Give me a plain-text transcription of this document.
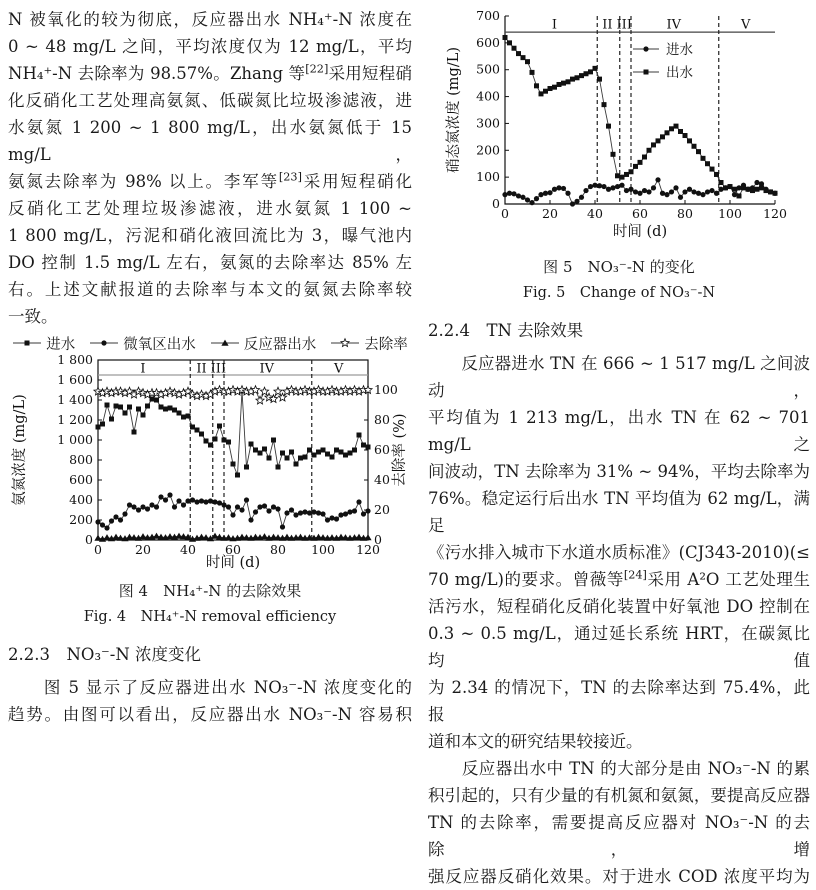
N 被氧化的较为彻底，反应器出水 NH₄⁺-N 浓度在
0 ~ 48 mg/L 之间，平均浓度仅为 12 mg/L，平均
NH₄⁺-N 去除率为 98.57%。Zhang 等[22]采用短程硝
化反硝化工艺处理高氨氮、低碳氮比垃圾渗滤液，进
水氨氮 1 200 ~ 1 800 mg/L，出水氨氮低于 15 mg/L，
氨氮去除率为 98% 以上。李军等[23]采用短程硝化
反硝化工艺处理垃圾渗滤液，进水氨氮 1 100 ~
1 800 mg/L，污泥和硝化液回流比为 3，曝气池内
DO 控制 1.5 mg/L 左右，氨氮的去除率达 85% 左
右。上述文献报道的去除率与本文的氨氮去除率较
一致。
进水	微氧区出水	反应器出水	去除率
I	II III	IV	V
0	20 40 60 80 100 120
0
200
400
600
800
1 000
1 200
1 400
1 600
1 800
0
20
40
60
80
100
时间 (d)
氨氮浓度 (mg/L)	去除率 (%)
图 4　NH₄⁺-N 的去除效果
Fig. 4　NH₄⁺-N removal efficiency
2.2.3　NO₃⁻-N 浓度变化
　　图 5 显示了反应器进出水 NO₃⁻-N 浓度变化的
趋势。由图可以看出，反应器出水 NO₃⁻-N 容易积
I	II III	IV	V
0	20 40 60 80 100 120
0
100
200
300
400
500
600
700
时间 (d)
硝态氮浓度 (mg/L)	进水
出水
图 5　NO₃⁻-N 的变化
Fig. 5　Change of NO₃⁻-N
2.2.4　TN 去除效果
　　反应器进水 TN 在 666 ~ 1 517 mg/L 之间波动，
平均值为 1 213 mg/L，出水 TN 在 62 ~ 701 mg/L 之
间波动，TN 去除率为 31% ~ 94%，平均去除率为
76%。稳定运行后出水 TN 平均值为 62 mg/L，满足
《污水排入城市下水道水质标准》(CJ343-2010)(≤
70 mg/L)的要求。曾薇等[24]采用 A²O 工艺处理生
活污水，短程硝化反硝化装置中好氧池 DO 控制在
0.3 ~ 0.5 mg/L，通过延长系统 HRT，在碳氮比均值
为 2.34 的情况下，TN 的去除率达到 75.4%，此报
道和本文的研究结果较接近。
　　反应器出水中 TN 的大部分是由 NO₃⁻-N 的累
积引起的，只有少量的有机氮和氨氮，要提高反应器
TN 的去除率，需要提高反应器对 NO₃⁻-N 的去除，增
强反应器反硝化效果。对于进水 COD 浓度平均为
